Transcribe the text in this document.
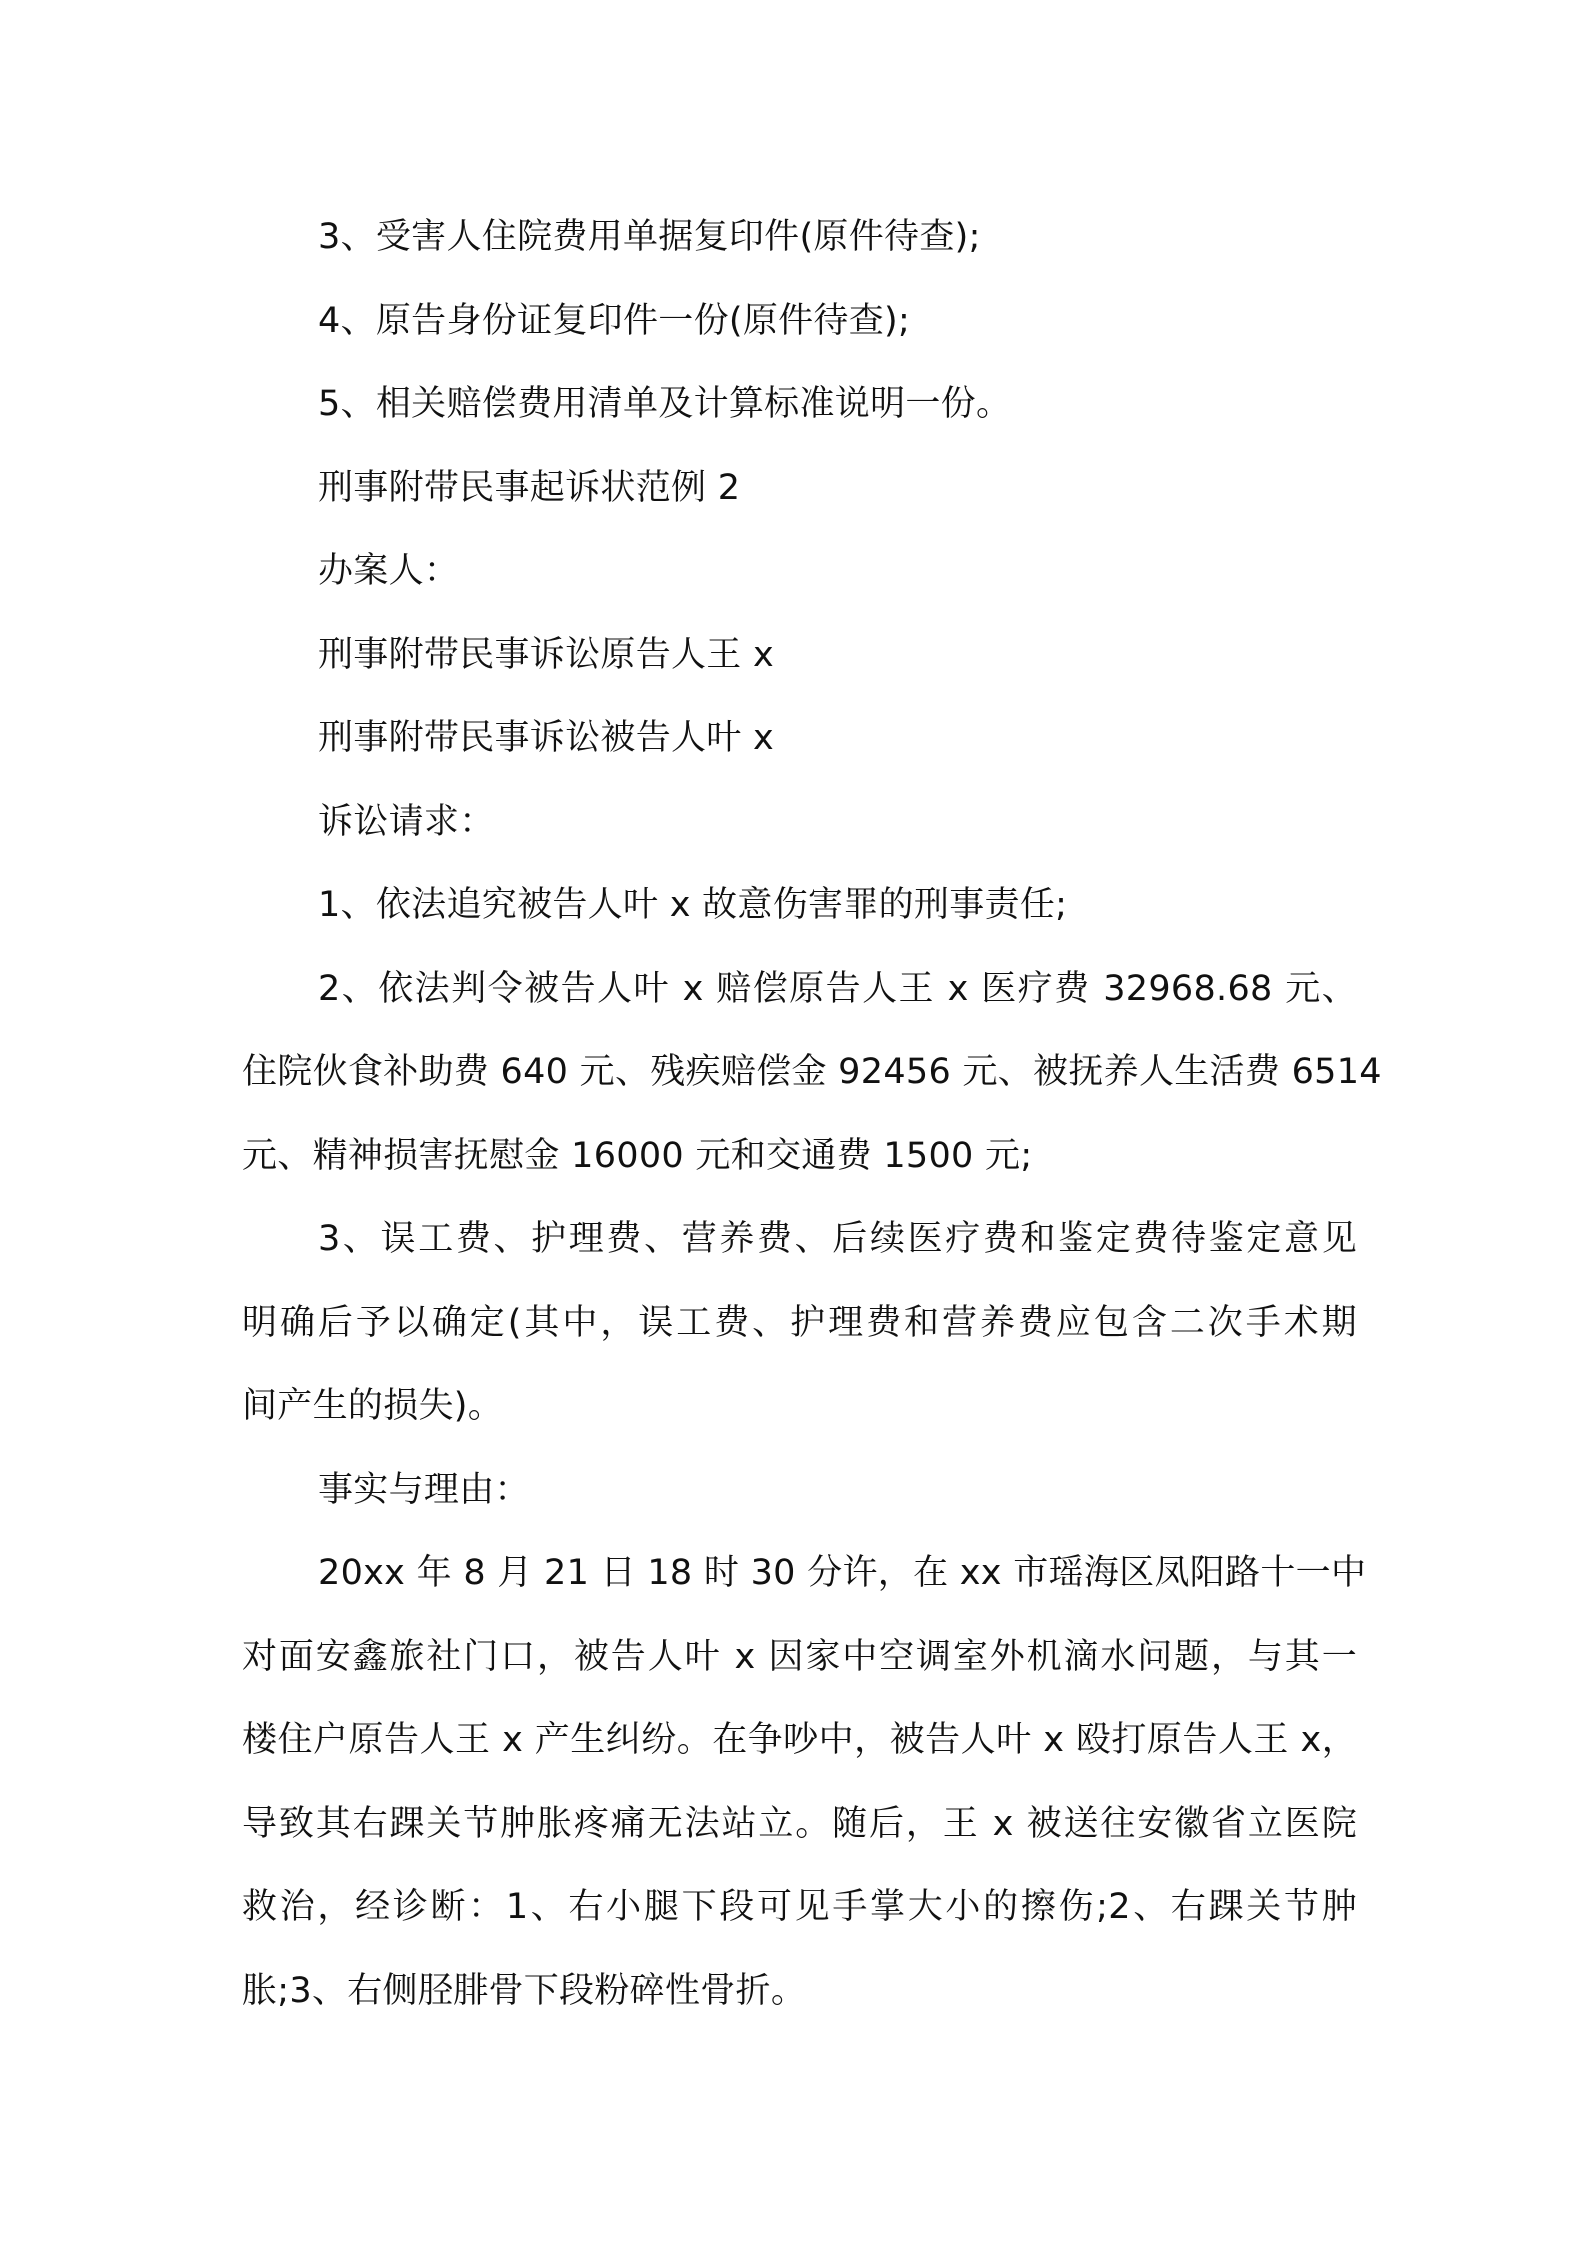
3、受害人住院费用单据复印件(原件待查);
4、原告身份证复印件一份(原件待查);
5、相关赔偿费用清单及计算标准说明一份。
刑事附带民事起诉状范例 2
办案人：
刑事附带民事诉讼原告人王 x
刑事附带民事诉讼被告人叶 x
诉讼请求：
1、依法追究被告人叶 x 故意伤害罪的刑事责任;
2、依法判令被告人叶 x 赔偿原告人王 x 医疗费 32968.68 元、
住院伙食补助费 640 元、残疾赔偿金 92456 元、被抚养人生活费 6514
元、精神损害抚慰金 16000 元和交通费 1500 元;
3、误工费、护理费、营养费、后续医疗费和鉴定费待鉴定意见
明确后予以确定(其中，误工费、护理费和营养费应包含二次手术期
间产生的损失)。
事实与理由：
20xx 年 8 月 21 日 18 时 30 分许，在 xx 市瑶海区凤阳路十一中
对面安鑫旅社门口，被告人叶 x 因家中空调室外机滴水问题，与其一
楼住户原告人王 x 产生纠纷。在争吵中，被告人叶 x 殴打原告人王 x，
导致其右踝关节肿胀疼痛无法站立。随后，王 x 被送往安徽省立医院
救治，经诊断：1、右小腿下段可见手掌大小的擦伤;2、右踝关节肿
胀;3、右侧胫腓骨下段粉碎性骨折。
